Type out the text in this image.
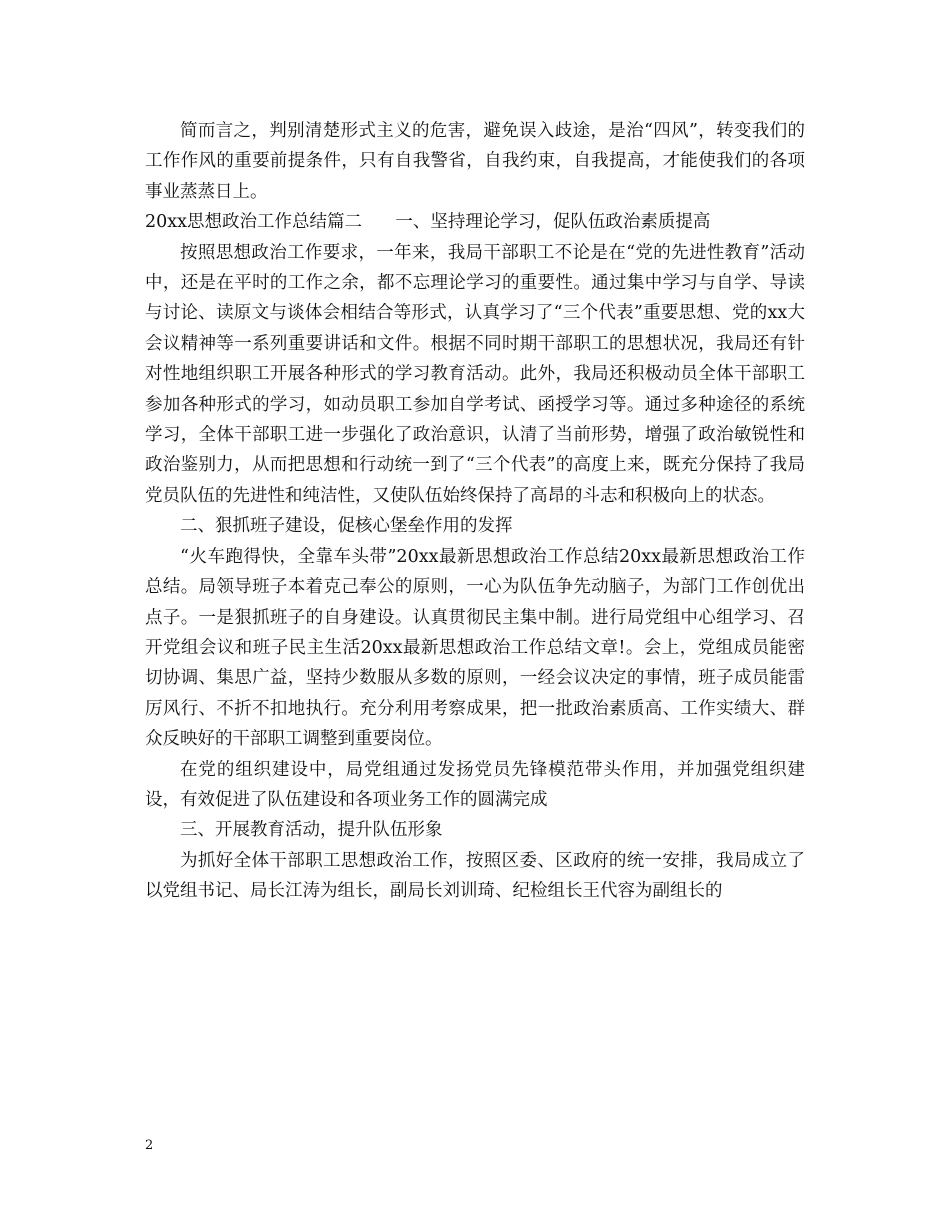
简而言之，判别清楚形式主义的危害，避免误入歧途，是治“四风”，转变我们的工作作风的重要前提条件，只有自我警省，自我约束，自我提高，才能使我们的各项事业蒸蒸日上。

20xx思想政治工作总结篇二      一、坚持理论学习，促队伍政治素质提高

按照思想政治工作要求，一年来，我局干部职工不论是在“党的先进性教育”活动中，还是在平时的工作之余，都不忘理论学习的重要性。通过集中学习与自学、导读与讨论、读原文与谈体会相结合等形式，认真学习了“三个代表”重要思想、党的xx大会议精神等一系列重要讲话和文件。根据不同时期干部职工的思想状况，我局还有针对性地组织职工开展各种形式的学习教育活动。此外，我局还积极动员全体干部职工参加各种形式的学习，如动员职工参加自学考试、函授学习等。通过多种途径的系统学习，全体干部职工进一步强化了政治意识，认清了当前形势，增强了政治敏锐性和政治鉴别力，从而把思想和行动统一到了“三个代表”的高度上来，既充分保持了我局党员队伍的先进性和纯洁性，又使队伍始终保持了高昂的斗志和积极向上的状态。

二、狠抓班子建设，促核心堡垒作用的发挥

“火车跑得快，全靠车头带”20xx最新思想政治工作总结20xx最新思想政治工作总结。局领导班子本着克己奉公的原则，一心为队伍争先动脑子，为部门工作创优出点子。一是狠抓班子的自身建设。认真贯彻民主集中制。进行局党组中心组学习、召开党组会议和班子民主生活20xx最新思想政治工作总结文章!。会上，党组成员能密切协调、集思广益，坚持少数服从多数的原则，一经会议决定的事情，班子成员能雷厉风行、不折不扣地执行。充分利用考察成果，把一批政治素质高、工作实绩大、群众反映好的干部职工调整到重要岗位。

在党的组织建设中，局党组通过发扬党员先锋模范带头作用，并加强党组织建设，有效促进了队伍建设和各项业务工作的圆满完成

三、开展教育活动，提升队伍形象

为抓好全体干部职工思想政治工作，按照区委、区政府的统一安排，我局成立了以党组书记、局长江涛为组长，副局长刘训琦、纪检组长王代容为副组长的

2
